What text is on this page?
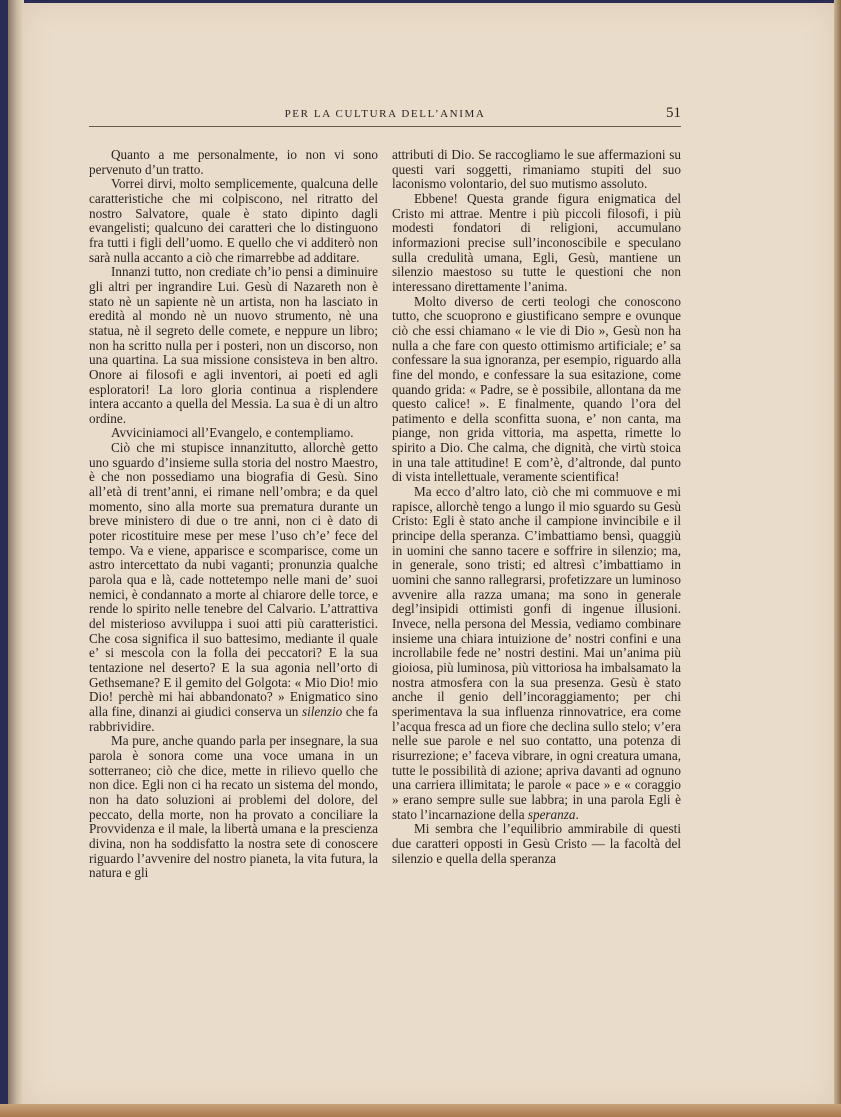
PER LA CULTURA DELL’ANIMA	51

Quanto a me personalmente, io non vi sono pervenuto d’un tratto.

Vorrei dirvi, molto semplicemente, qualcuna delle caratteristiche che mi colpiscono, nel ritratto del nostro Salvatore, quale è stato dipinto dagli evangelisti; qualcuno dei caratteri che lo distinguono fra tutti i figli dell’uomo. E quello che vi additerò non sarà nulla accanto a ciò che rimarrebbe ad additare.

Innanzi tutto, non crediate ch’io pensi a diminuire gli altri per ingrandire Lui. Gesù di Nazareth non è stato nè un sapiente nè un artista, non ha lasciato in eredità al mondo nè un nuovo strumento, nè una statua, nè il segreto delle comete, e neppure un libro; non ha scritto nulla per i posteri, non un discorso, non una quartina. La sua missione consisteva in ben altro. Onore ai filosofi e agli inventori, ai poeti ed agli esploratori! La loro gloria continua a risplendere intera accanto a quella del Messia. La sua è di un altro ordine.

Avviciniamoci all’Evangelo, e contempliamo.

Ciò che mi stupisce innanzitutto, allorchè getto uno sguardo d’insieme sulla storia del nostro Maestro, è che non possediamo una biografia di Gesù. Sino all’età di trent’anni, ei rimane nell’ombra; e da quel momento, sino alla morte sua prematura durante un breve ministero di due o tre anni, non ci è dato di poter ricostituire mese per mese l’uso ch’e’ fece del tempo. Va e viene, apparisce e scomparisce, come un astro intercettato da nubi vaganti; pronunzia qualche parola qua e là, cade nottetempo nelle mani de’ suoi nemici, è condannato a morte al chiarore delle torce, e rende lo spirito nelle tenebre del Calvario. L’attrattiva del misterioso avviluppa i suoi atti più caratteristici. Che cosa significa il suo battesimo, mediante il quale e’ si mescola con la folla dei peccatori? E la sua tentazione nel deserto? E la sua agonia nell’orto di Gethsemane? E il gemito del Golgota: « Mio Dio! mio Dio! perchè mi hai abbandonato? » Enigmatico sino alla fine, dinanzi ai giudici conserva un silenzio che fa rabbrividire.

Ma pure, anche quando parla per insegnare, la sua parola è sonora come una voce umana in un sotterraneo; ciò che dice, mette in rilievo quello che non dice. Egli non ci ha recato un sistema del mondo, non ha dato soluzioni ai problemi del dolore, del peccato, della morte, non ha provato a conciliare la Provvidenza e il male, la libertà umana e la prescienza divina, non ha soddisfatto la nostra sete di conoscere riguardo l’avvenire del nostro pianeta, la vita futura, la natura e gli

attributi di Dio. Se raccogliamo le sue affermazioni su questi vari soggetti, rimaniamo stupiti del suo laconismo volontario, del suo mutismo assoluto.

Ebbene! Questa grande figura enigmatica del Cristo mi attrae. Mentre i più piccoli filosofi, i più modesti fondatori di religioni, accumulano informazioni precise sull’inconoscibile e speculano sulla credulità umana, Egli, Gesù, mantiene un silenzio maestoso su tutte le questioni che non interessano direttamente l’anima.

Molto diverso de certi teologi che conoscono tutto, che scuoprono e giustificano sempre e ovunque ciò che essi chiamano « le vie di Dio », Gesù non ha nulla a che fare con questo ottimismo artificiale; e’ sa confessare la sua ignoranza, per esempio, riguardo alla fine del mondo, e confessare la sua esitazione, come quando grida: « Padre, se è possibile, allontana da me questo calice! ». E finalmente, quando l’ora del patimento e della sconfitta suona, e’ non canta, ma piange, non grida vittoria, ma aspetta, rimette lo spirito a Dio. Che calma, che dignità, che virtù stoica in una tale attitudine! E com’è, d’altronde, dal punto di vista intellettuale, veramente scientifica!

Ma ecco d’altro lato, ciò che mi commuove e mi rapisce, allorchè tengo a lungo il mio sguardo su Gesù Cristo: Egli è stato anche il campione invincibile e il principe della speranza. C’imbattiamo bensì, quaggiù in uomini che sanno tacere e soffrire in silenzio; ma, in generale, sono tristi; ed altresì c’imbattiamo in uomini che sanno rallegrarsi, profetizzare un luminoso avvenire alla razza umana; ma sono in generale degl’insipidi ottimisti gonfi di ingenue illusioni. Invece, nella persona del Messia, vediamo combinare insieme una chiara intuizione de’ nostri confini e una incrollabile fede ne’ nostri destini. Mai un’anima più gioiosa, più luminosa, più vittoriosa ha imbalsamato la nostra atmosfera con la sua presenza. Gesù è stato anche il genio dell’incoraggiamento; per chi sperimentava la sua influenza rinnovatrice, era come l’acqua fresca ad un fiore che declina sullo stelo; v’era nelle sue parole e nel suo contatto, una potenza di risurrezione; e’ faceva vibrare, in ogni creatura umana, tutte le possibilità di azione; apriva davanti ad ognuno una carriera illimitata; le parole « pace » e « coraggio » erano sempre sulle sue labbra; in una parola Egli è stato l’incarnazione della speranza.

Mi sembra che l’equilibrio ammirabile di questi due caratteri opposti in Gesù Cristo — la facoltà del silenzio e quella della speranza
